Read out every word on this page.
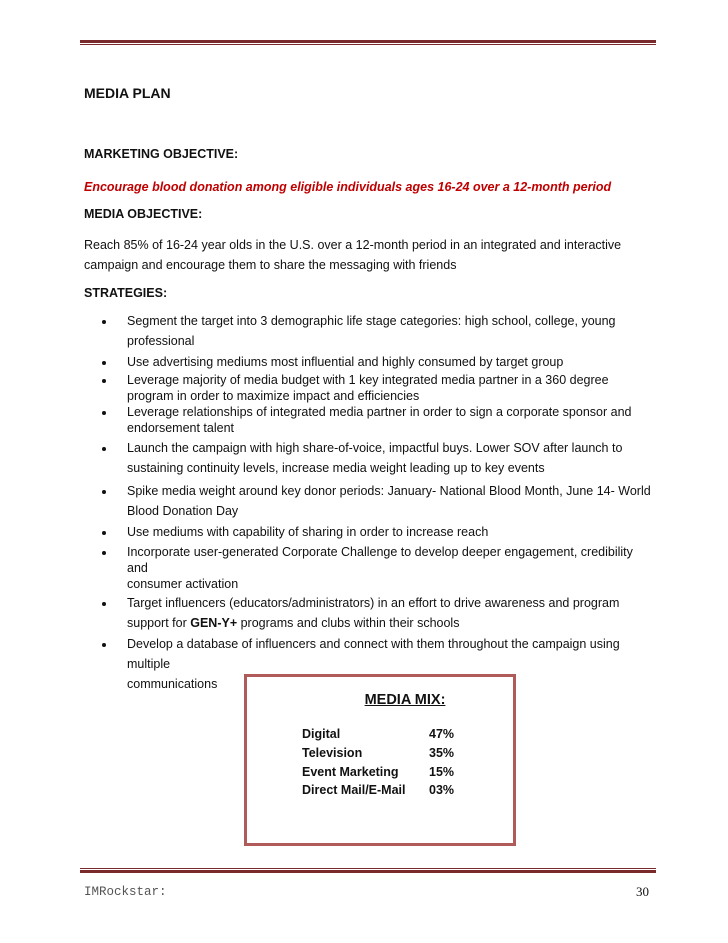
MEDIA PLAN
MARKETING OBJECTIVE:
Encourage blood donation among eligible individuals ages 16-24 over a 12-month period
MEDIA OBJECTIVE:
Reach 85% of 16-24 year olds in the U.S. over a 12-month period in an integrated and interactive
campaign and encourage them to share the messaging with friends
STRATEGIES:
Segment the target into 3 demographic life stage categories: high school, college, young
professional
Use advertising mediums most influential and highly consumed by target group
Leverage majority of media budget with 1 key integrated media partner in a 360 degree
program in order to maximize impact and efficiencies
Leverage relationships of integrated media partner in order to sign a corporate sponsor and
endorsement talent
Launch the campaign with high share-of-voice, impactful buys. Lower SOV after launch to
sustaining continuity levels, increase media weight leading up to key events
Spike media weight around key donor periods: January- National Blood Month, June 14- World
Blood Donation Day
Use mediums with capability of sharing in order to increase reach
Incorporate user-generated Corporate Challenge to develop deeper engagement, credibility and
consumer activation
Target influencers (educators/administrators) in an effort to drive awareness and program
support for GEN-Y+ programs and clubs within their schools
Develop a database of influencers and connect with them throughout the campaign using multiple
communications
MEDIA MIX:
Digital	47%
Television	35%
Event Marketing 15%
Direct Mail/E-Mail 03%
IMRockstar:	30
